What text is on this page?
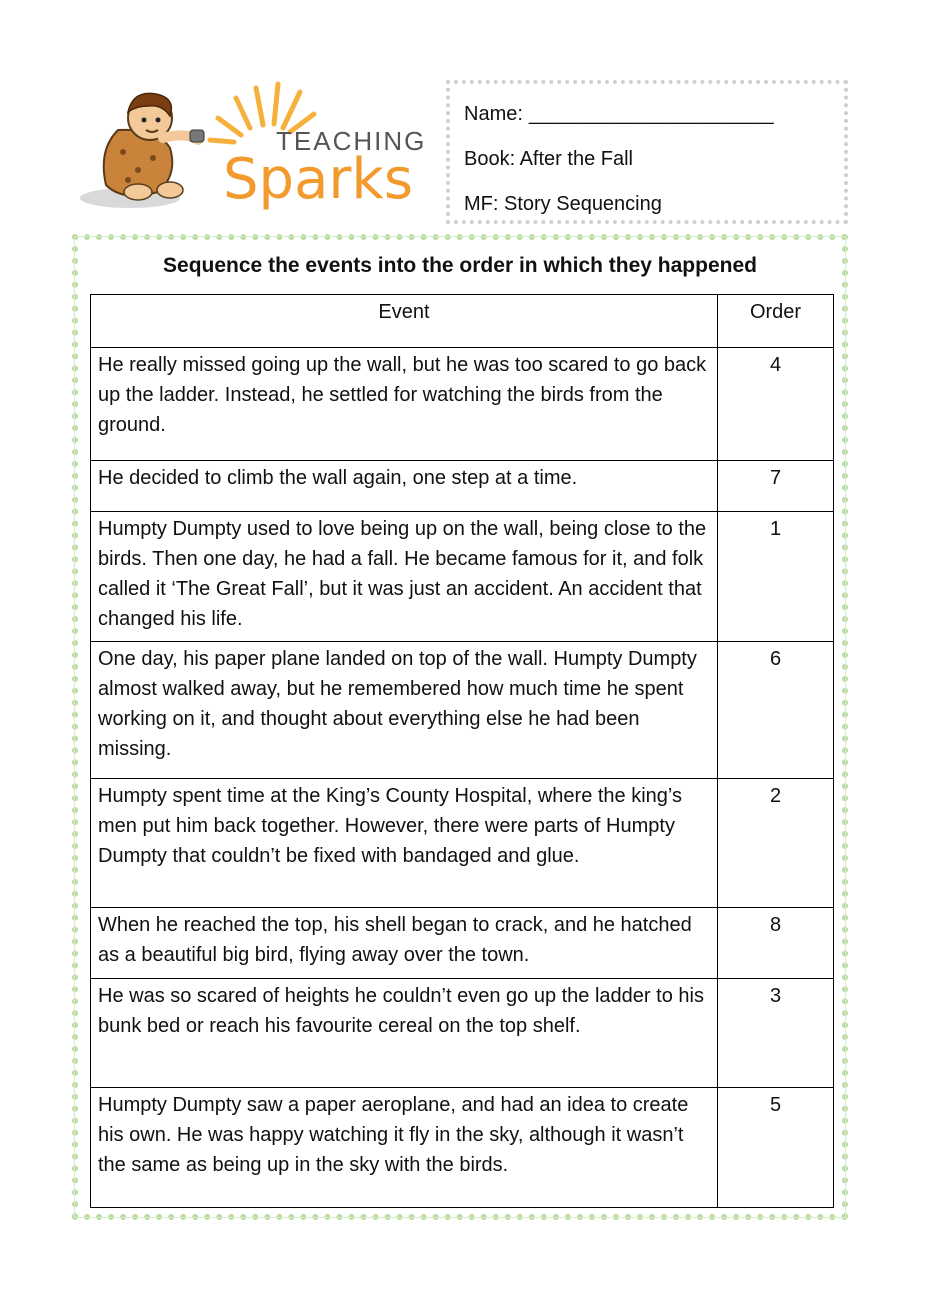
TEACHING
Sparks
Name: ______________________
Book: After the Fall
MF: Story Sequencing
Sequence the events into the order in which they happened
Event	Order
He really missed going up the wall, but he was too scared to go back up the ladder. Instead, he settled for watching the birds from the ground.	4
He decided to climb the wall again, one step at a time.	7
Humpty Dumpty used to love being up on the wall, being close to the birds. Then one day, he had a fall. He became famous for it, and folk called it ‘The Great Fall’, but it was just an accident. An accident that changed his life.	1
One day, his paper plane landed on top of the wall. Humpty Dumpty almost walked away, but he remembered how much time he spent working on it, and thought about everything else he had been missing.	6
Humpty spent time at the King’s County Hospital, where the king’s men put him back together. However, there were parts of Humpty Dumpty that couldn’t be fixed with bandaged and glue.	2
When he reached the top, his shell began to crack, and he hatched as a beautiful big bird, flying away over the town.	8
He was so scared of heights he couldn’t even go up the ladder to his bunk bed or reach his favourite cereal on the top shelf.	3
Humpty Dumpty saw a paper aeroplane, and had an idea to create his own. He was happy watching it fly in the sky, although it wasn’t the same as being up in the sky with the birds.	5
